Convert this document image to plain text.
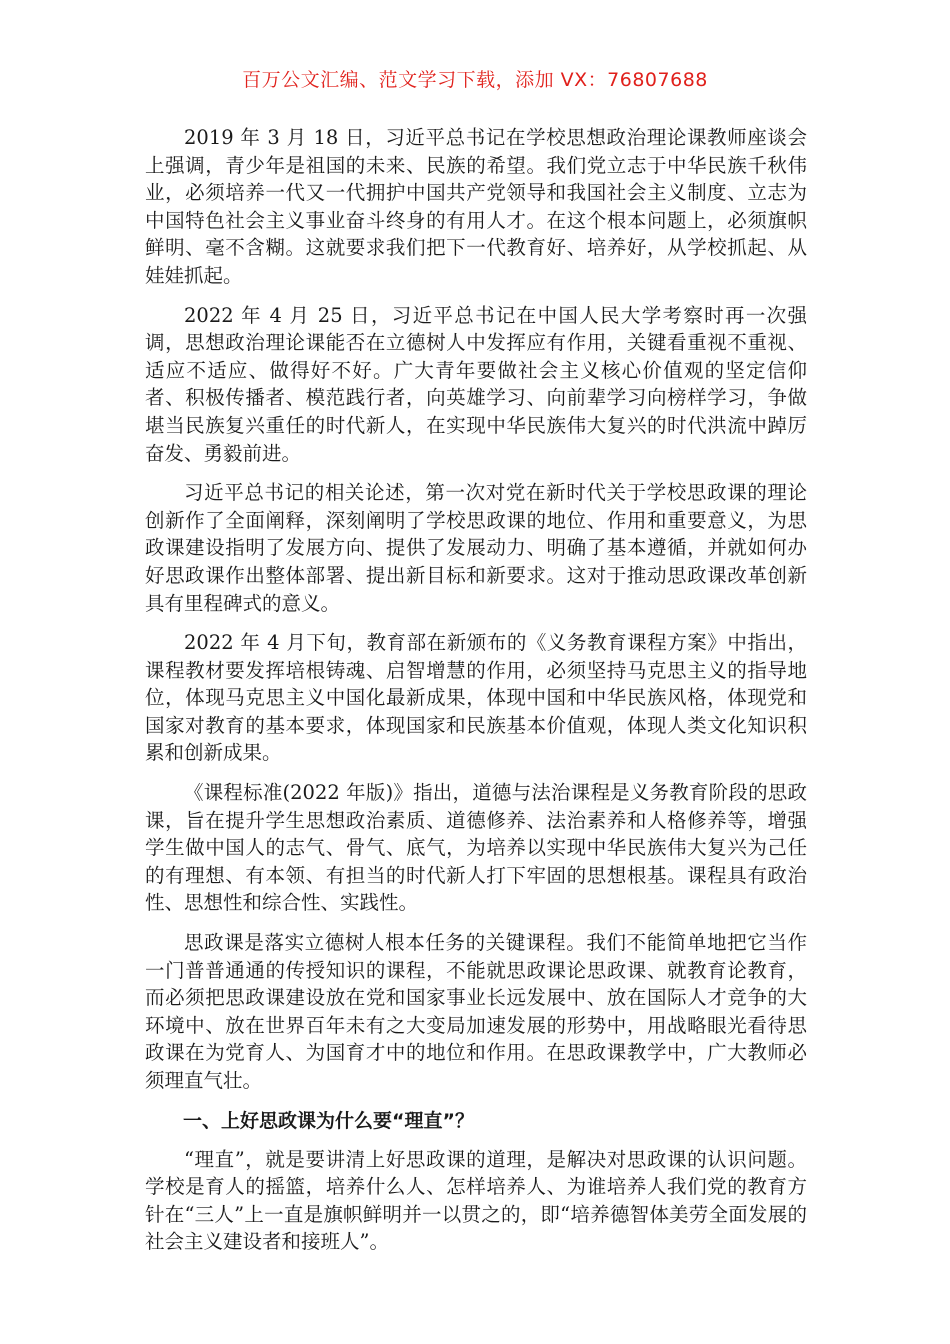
百万公文汇编、范文学习下载，添加 VX：76807688

2019 年 3 月 18 日，习近平总书记在学校思想政治理论课教师座谈会上强调，青少年是祖国的未来、民族的希望。我们党立志于中华民族千秋伟业，必须培养一代又一代拥护中国共产党领导和我国社会主义制度、立志为中国特色社会主义事业奋斗终身的有用人才。在这个根本问题上，必须旗帜鲜明、毫不含糊。这就要求我们把下一代教育好、培养好，从学校抓起、从娃娃抓起。

2022 年 4 月 25 日，习近平总书记在中国人民大学考察时再一次强调，思想政治理论课能否在立德树人中发挥应有作用，关键看重视不重视、适应不适应、做得好不好。广大青年要做社会主义核心价值观的坚定信仰者、积极传播者、模范践行者，向英雄学习、向前辈学习向榜样学习，争做堪当民族复兴重任的时代新人，在实现中华民族伟大复兴的时代洪流中踔厉奋发、勇毅前进。

习近平总书记的相关论述，第一次对党在新时代关于学校思政课的理论创新作了全面阐释，深刻阐明了学校思政课的地位、作用和重要意义，为思政课建设指明了发展方向、提供了发展动力、明确了基本遵循，并就如何办好思政课作出整体部署、提出新目标和新要求。这对于推动思政课改革创新具有里程碑式的意义。

2022 年 4 月下旬，教育部在新颁布的《义务教育课程方案》中指出，课程教材要发挥培根铸魂、启智增慧的作用，必须坚持马克思主义的指导地位，体现马克思主义中国化最新成果，体现中国和中华民族风格，体现党和国家对教育的基本要求，体现国家和民族基本价值观，体现人类文化知识积累和创新成果。

《课程标准(2022 年版)》指出，道德与法治课程是义务教育阶段的思政课，旨在提升学生思想政治素质、道德修养、法治素养和人格修养等，增强学生做中国人的志气、骨气、底气，为培养以实现中华民族伟大复兴为己任的有理想、有本领、有担当的时代新人打下牢固的思想根基。课程具有政治性、思想性和综合性、实践性。

思政课是落实立德树人根本任务的关键课程。我们不能简单地把它当作一门普普通通的传授知识的课程，不能就思政课论思政课、就教育论教育，而必须把思政课建设放在党和国家事业长远发展中、放在国际人才竞争的大环境中、放在世界百年未有之大变局加速发展的形势中，用战略眼光看待思政课在为党育人、为国育才中的地位和作用。在思政课教学中，广大教师必须理直气壮。

一、上好思政课为什么要“理直”？

“理直”，就是要讲清上好思政课的道理，是解决对思政课的认识问题。学校是育人的摇篮，培养什么人、怎样培养人、为谁培养人我们党的教育方针在“三人”上一直是旗帜鲜明并一以贯之的，即“培养德智体美劳全面发展的社会主义建设者和接班人”。
